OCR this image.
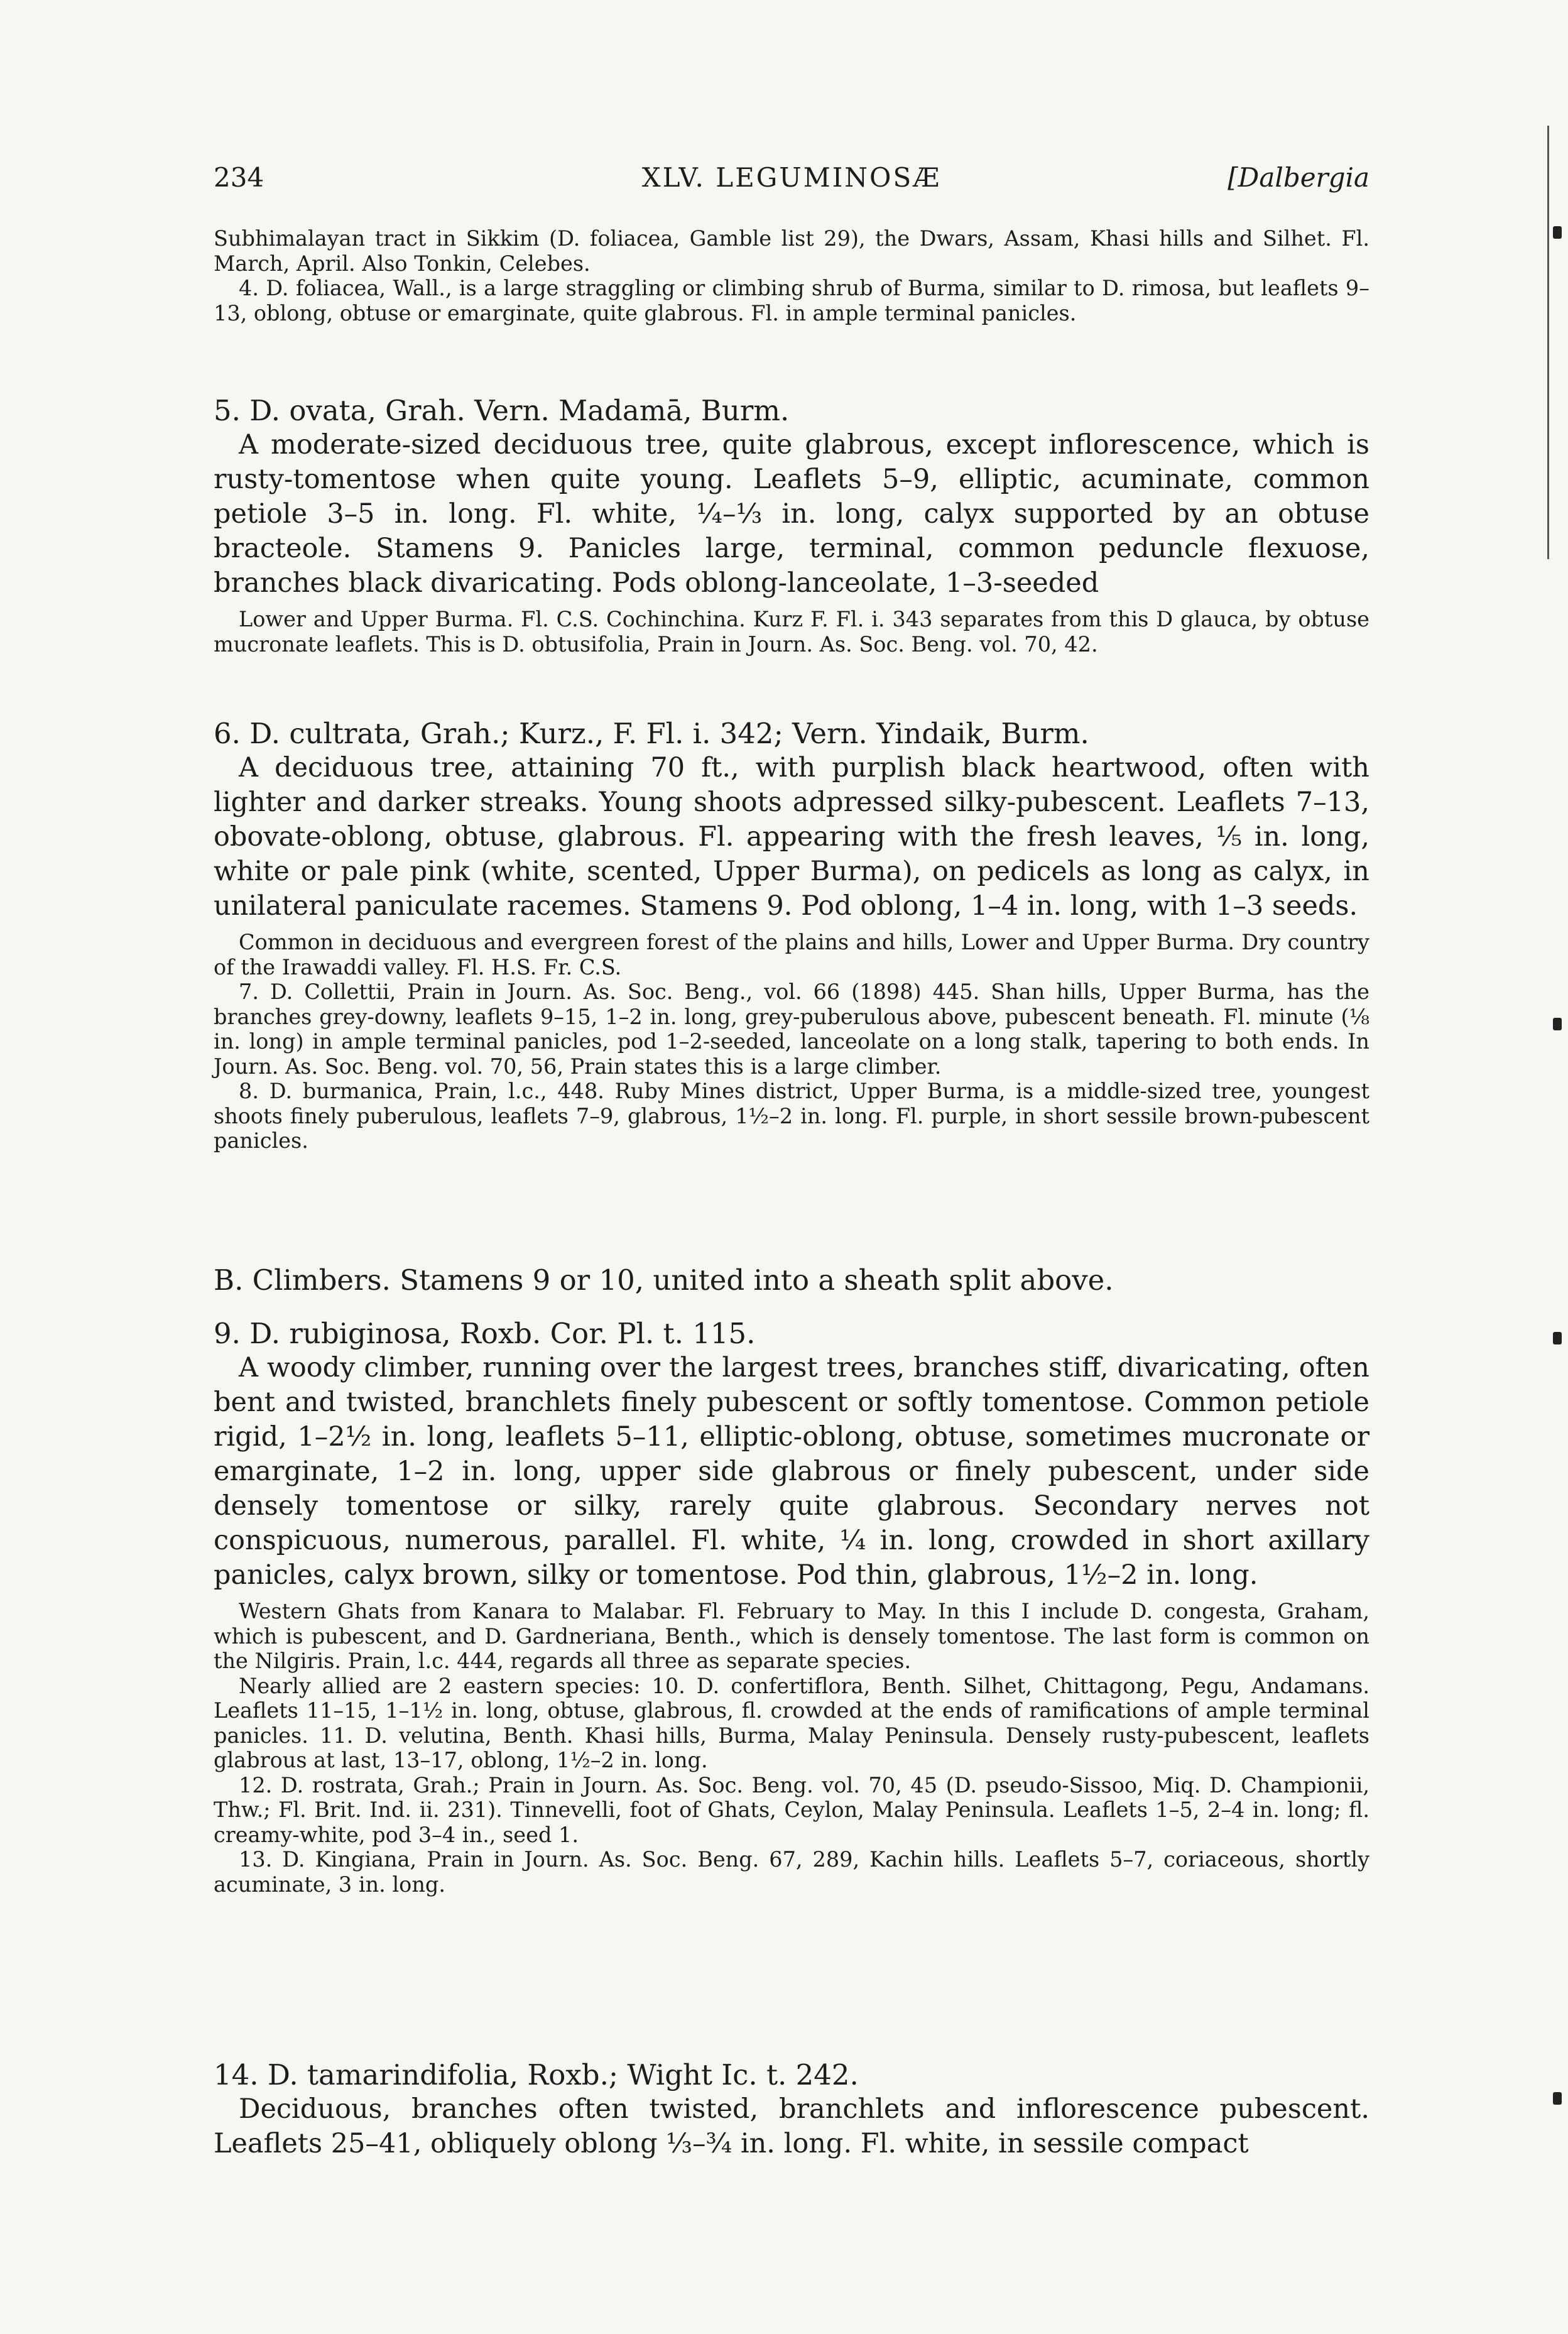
234	XLV. LEGUMINOSÆ	[Dalbergia

Subhimalayan tract in Sikkim (D. foliacea, Gamble list 29), the Dwars, Assam, Khasi hills and Silhet. Fl. March, April. Also Tonkin, Celebes.

4. D. foliacea, Wall., is a large straggling or climbing shrub of Burma, similar to D. rimosa, but leaflets 9–13, oblong, obtuse or emarginate, quite glabrous. Fl. in ample terminal panicles.

5. D. ovata, Grah. Vern. Madamā, Burm.

A moderate-sized deciduous tree, quite glabrous, except inflorescence, which is rusty-tomentose when quite young. Leaflets 5–9, elliptic, acuminate, common petiole 3–5 in. long. Fl. white, ¼–⅓ in. long, calyx supported by an obtuse bracteole. Stamens 9. Panicles large, terminal, common peduncle flexuose, branches black divaricating. Pods oblong-lanceolate, 1–3-seeded

Lower and Upper Burma. Fl. C.S. Cochinchina. Kurz F. Fl. i. 343 separates from this D glauca, by obtuse mucronate leaflets. This is D. obtusifolia, Prain in Journ. As. Soc. Beng. vol. 70, 42.

6. D. cultrata, Grah.; Kurz., F. Fl. i. 342; Vern. Yindaik, Burm.

A deciduous tree, attaining 70 ft., with purplish black heartwood, often with lighter and darker streaks. Young shoots adpressed silky-pubescent. Leaflets 7–13, obovate-oblong, obtuse, glabrous. Fl. appearing with the fresh leaves, ⅕ in. long, white or pale pink (white, scented, Upper Burma), on pedicels as long as calyx, in unilateral paniculate racemes. Stamens 9. Pod oblong, 1–4 in. long, with 1–3 seeds.

Common in deciduous and evergreen forest of the plains and hills, Lower and Upper Burma. Dry country of the Irawaddi valley. Fl. H.S. Fr. C.S.

7. D. Collettii, Prain in Journ. As. Soc. Beng., vol. 66 (1898) 445. Shan hills, Upper Burma, has the branches grey-downy, leaflets 9–15, 1–2 in. long, grey-puberulous above, pubescent beneath. Fl. minute (⅛ in. long) in ample terminal panicles, pod 1–2-seeded, lanceolate on a long stalk, tapering to both ends. In Journ. As. Soc. Beng. vol. 70, 56, Prain states this is a large climber.

8. D. burmanica, Prain, l.c., 448. Ruby Mines district, Upper Burma, is a middle-sized tree, youngest shoots finely puberulous, leaflets 7–9, glabrous, 1½–2 in. long. Fl. purple, in short sessile brown-pubescent panicles.

B. Climbers. Stamens 9 or 10, united into a sheath split above.

9. D. rubiginosa, Roxb. Cor. Pl. t. 115.

A woody climber, running over the largest trees, branches stiff, divaricating, often bent and twisted, branchlets finely pubescent or softly tomentose. Common petiole rigid, 1–2½ in. long, leaflets 5–11, elliptic-oblong, obtuse, sometimes mucronate or emarginate, 1–2 in. long, upper side glabrous or finely pubescent, under side densely tomentose or silky, rarely quite glabrous. Secondary nerves not conspicuous, numerous, parallel. Fl. white, ¼ in. long, crowded in short axillary panicles, calyx brown, silky or tomentose. Pod thin, glabrous, 1½–2 in. long.

Western Ghats from Kanara to Malabar. Fl. February to May. In this I include D. congesta, Graham, which is pubescent, and D. Gardneriana, Benth., which is densely tomentose. The last form is common on the Nilgiris. Prain, l.c. 444, regards all three as separate species.

Nearly allied are 2 eastern species: 10. D. confertiflora, Benth. Silhet, Chittagong, Pegu, Andamans. Leaflets 11–15, 1–1½ in. long, obtuse, glabrous, fl. crowded at the ends of ramifications of ample terminal panicles. 11. D. velutina, Benth. Khasi hills, Burma, Malay Peninsula. Densely rusty-pubescent, leaflets glabrous at last, 13–17, oblong, 1½–2 in. long.

12. D. rostrata, Grah.; Prain in Journ. As. Soc. Beng. vol. 70, 45 (D. pseudo-Sissoo, Miq. D. Championii, Thw.; Fl. Brit. Ind. ii. 231). Tinnevelli, foot of Ghats, Ceylon, Malay Peninsula. Leaflets 1–5, 2–4 in. long; fl. creamy-white, pod 3–4 in., seed 1.

13. D. Kingiana, Prain in Journ. As. Soc. Beng. 67, 289, Kachin hills. Leaflets 5–7, coriaceous, shortly acuminate, 3 in. long.

14. D. tamarindifolia, Roxb.; Wight Ic. t. 242.

Deciduous, branches often twisted, branchlets and inflorescence pubescent. Leaflets 25–41, obliquely oblong ⅓–¾ in. long. Fl. white, in sessile compact
